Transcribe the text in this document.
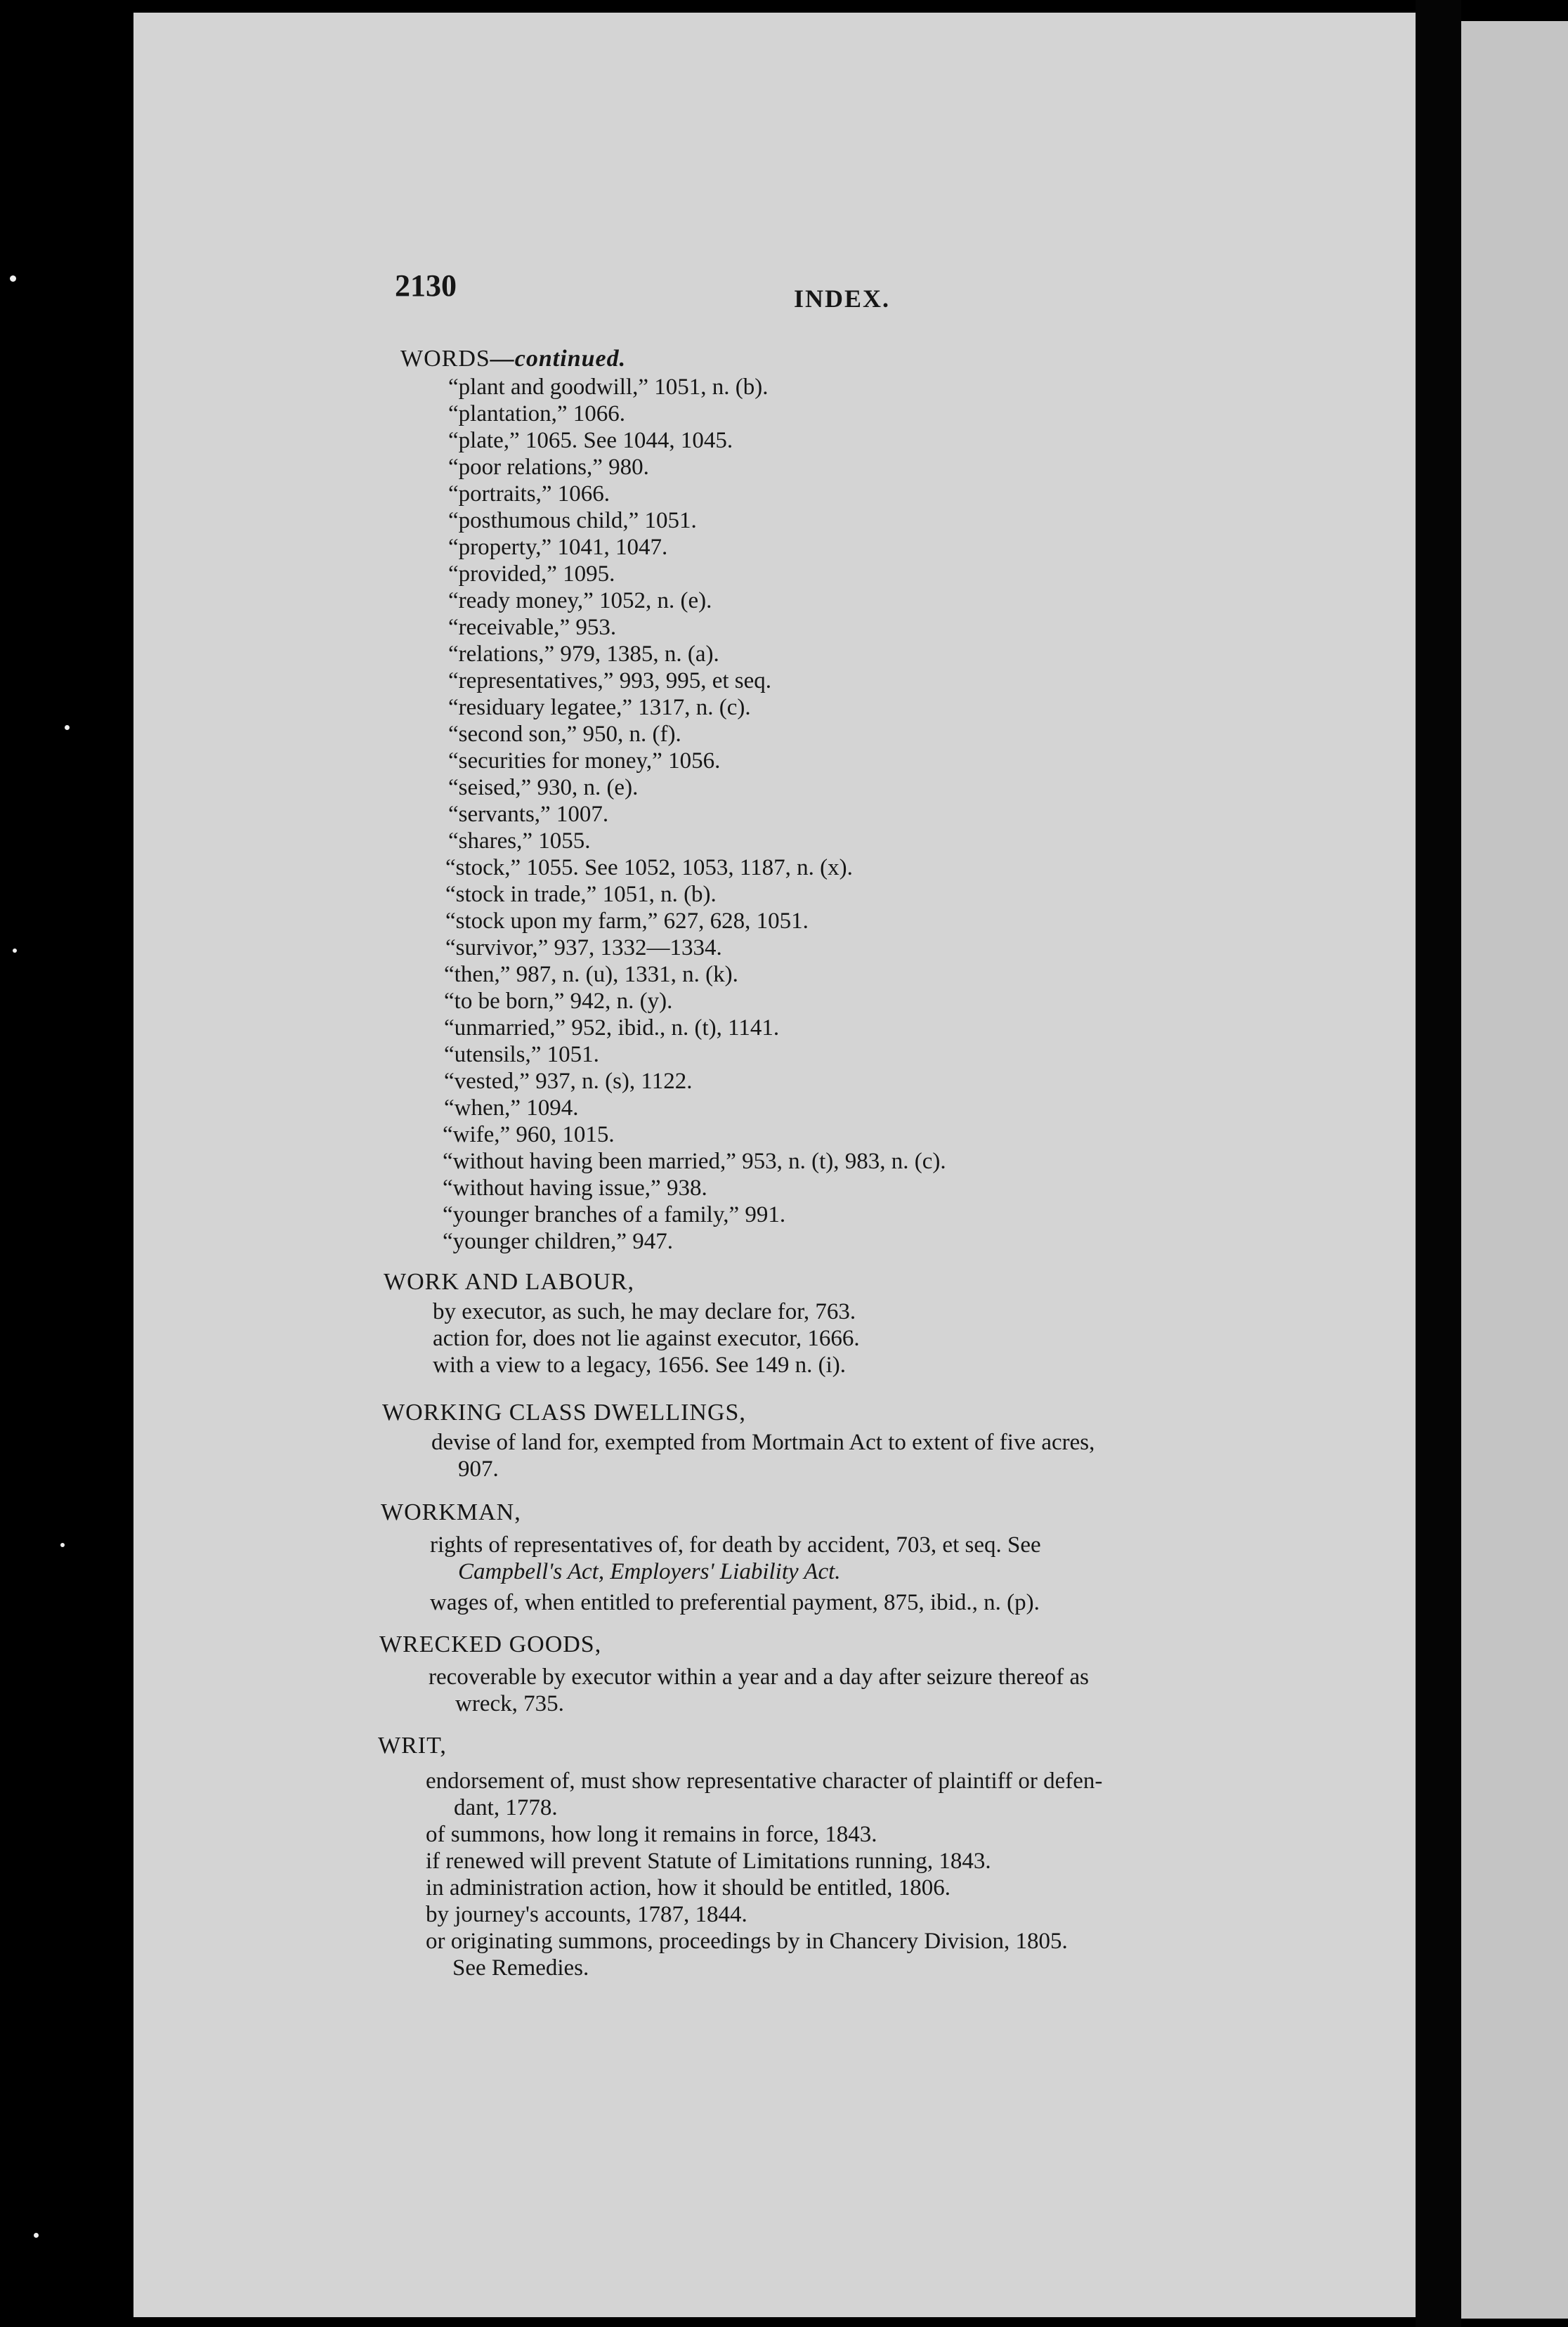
2130	INDEX.
WORDS—continued.
“plant and goodwill,” 1051, n. (b).
“plantation,” 1066.
“plate,” 1065. See 1044, 1045.
“poor relations,” 980.
“portraits,” 1066.
“posthumous child,” 1051.
“property,” 1041, 1047.
“provided,” 1095.
“ready money,” 1052, n. (e).
“receivable,” 953.
“relations,” 979, 1385, n. (a).
“representatives,” 993, 995, et seq.
“residuary legatee,” 1317, n. (c).
“second son,” 950, n. (f).
“securities for money,” 1056.
“seised,” 930, n. (e).
“servants,” 1007.
“shares,” 1055.
“stock,” 1055. See 1052, 1053, 1187, n. (x).
“stock in trade,” 1051, n. (b).
“stock upon my farm,” 627, 628, 1051.
“survivor,” 937, 1332—1334.
“then,” 987, n. (u), 1331, n. (k).
“to be born,” 942, n. (y).
“unmarried,” 952, ibid., n. (t), 1141.
“utensils,” 1051.
“vested,” 937, n. (s), 1122.
“when,” 1094.
“wife,” 960, 1015.
“without having been married,” 953, n. (t), 983, n. (c).
“without having issue,” 938.
“younger branches of a family,” 991.
“younger children,” 947.
WORK AND LABOUR,
by executor, as such, he may declare for, 763.
action for, does not lie against executor, 1666.
with a view to a legacy, 1656. See 149 n. (i).
WORKING CLASS DWELLINGS,
devise of land for, exempted from Mortmain Act to extent of five acres,
907.
WORKMAN,
rights of representatives of, for death by accident, 703, et seq. See
Campbell's Act, Employers' Liability Act.
wages of, when entitled to preferential payment, 875, ibid., n. (p).
WRECKED GOODS,
recoverable by executor within a year and a day after seizure thereof as
wreck, 735.
WRIT,
endorsement of, must show representative character of plaintiff or defen-
dant, 1778.
of summons, how long it remains in force, 1843.
if renewed will prevent Statute of Limitations running, 1843.
in administration action, how it should be entitled, 1806.
by journey's accounts, 1787, 1844.
or originating summons, proceedings by in Chancery Division, 1805.
See Remedies.
